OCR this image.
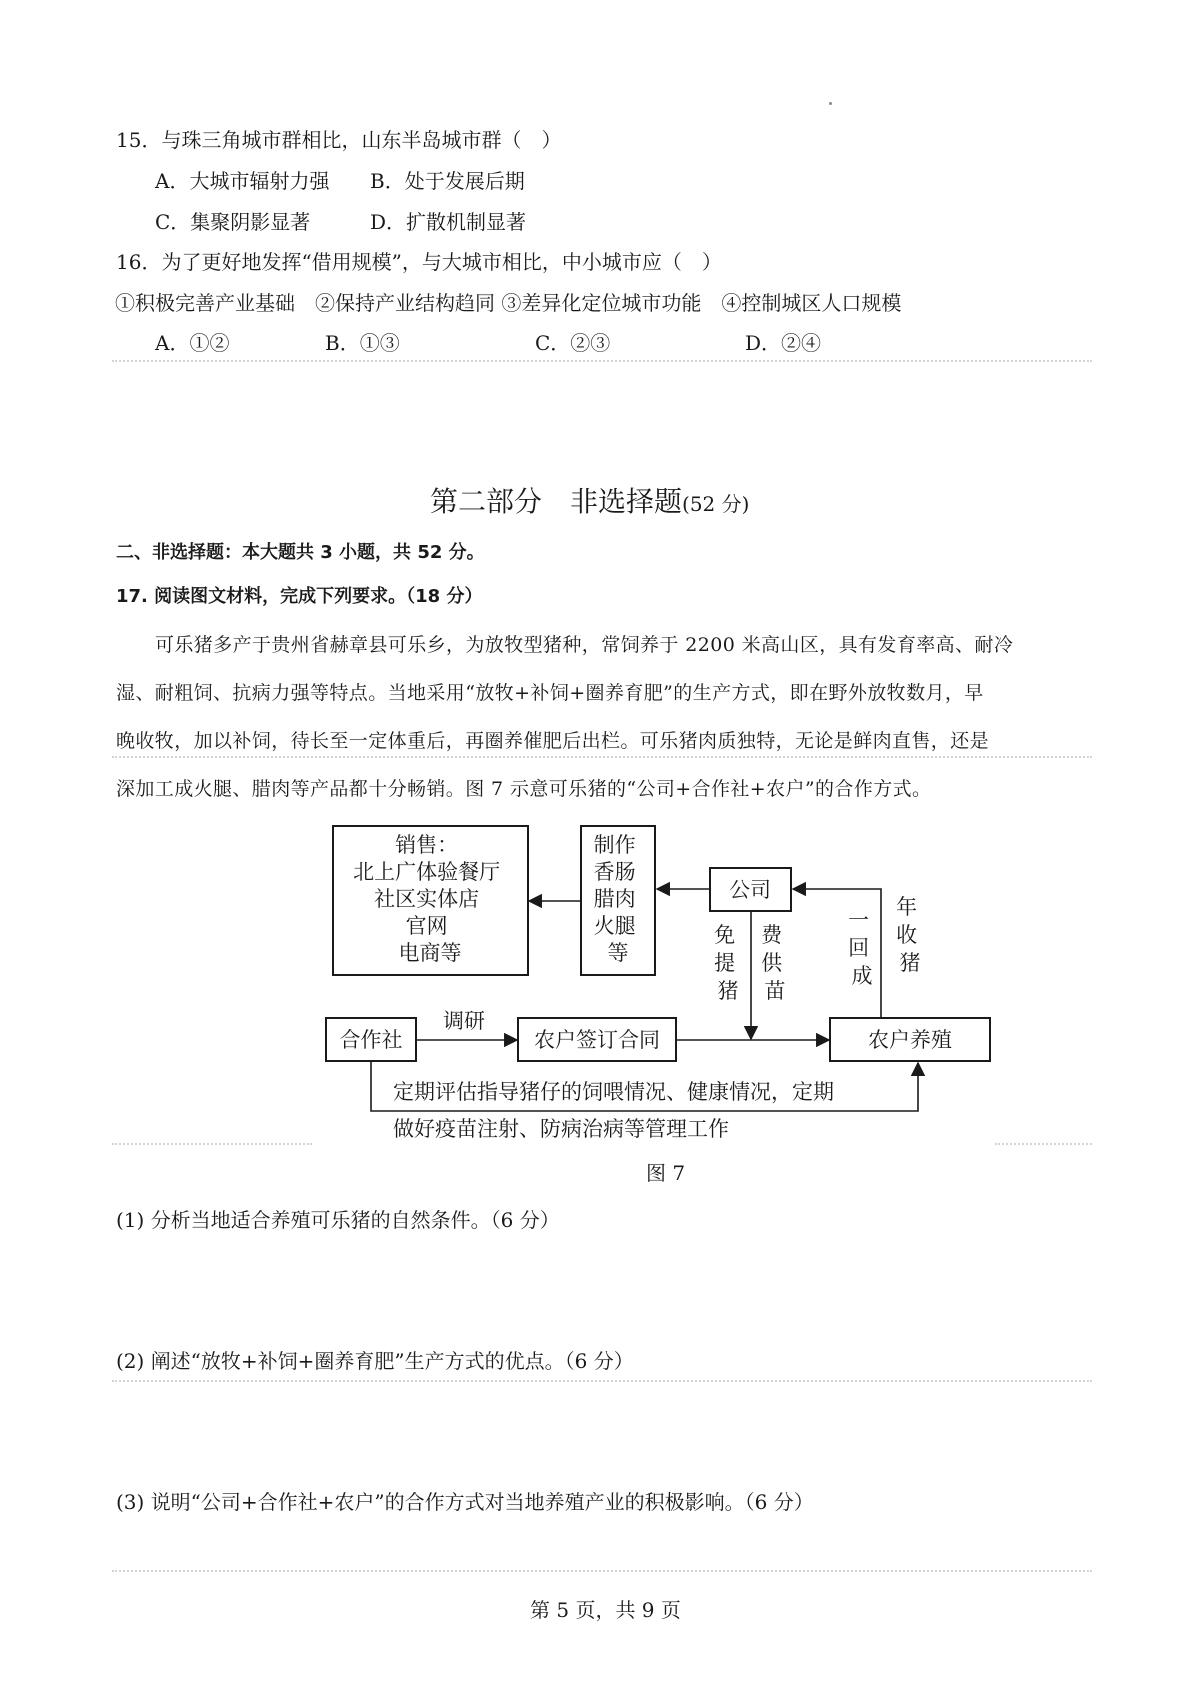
15．与珠三角城市群相比，山东半岛城市群（　）
A．大城市辐射力强 B．处于发展后期
C．集聚阴影显著	D．扩散机制显著
16．为了更好地发挥“借用规模”，与大城市相比，中小城市应（　）
①积极完善产业基础　②保持产业结构趋同 ③差异化定位城市功能　④控制城区人口规模
A．①②	B．①③	C．②③	D．②④
第二部分　非选择题(52 分)
二、非选择题：本大题共 3 小题，共 52 分。
17. 阅读图文材料，完成下列要求。（18 分）
可乐猪多产于贵州省赫章县可乐乡，为放牧型猪种，常饲养于 2200 米高山区，具有发育率高、耐冷
湿、耐粗饲、抗病力强等特点。当地采用“放牧+补饲+圈养育肥”的生产方式，即在野外放牧数月，早
晚收牧，加以补饲，待长至一定体重后，再圈养催肥后出栏。可乐猪肉质独特，无论是鲜肉直售，还是
深加工成火腿、腊肉等产品都十分畅销。图 7 示意可乐猪的“公司+合作社+农户”的合作方式。
销售： 北上广体验餐厅 社区实体店 官网 电商等
制作 香肠 腊肉 火腿 等
公司
免 提 猪
费 供 苗
一 回 成
年 收 猪
合作社	农户签订合同	农户养殖
调研
定期评估指导猪仔的饲喂情况、健康情况，定期
做好疫苗注射、防病治病等管理工作
图 7
(1) 分析当地适合养殖可乐猪的自然条件。（6 分）
(2) 阐述“放牧+补饲+圈养育肥”生产方式的优点。（6 分）
(3) 说明“公司+合作社+农户”的合作方式对当地养殖产业的积极影响。（6 分）
第 5 页，共 9 页
